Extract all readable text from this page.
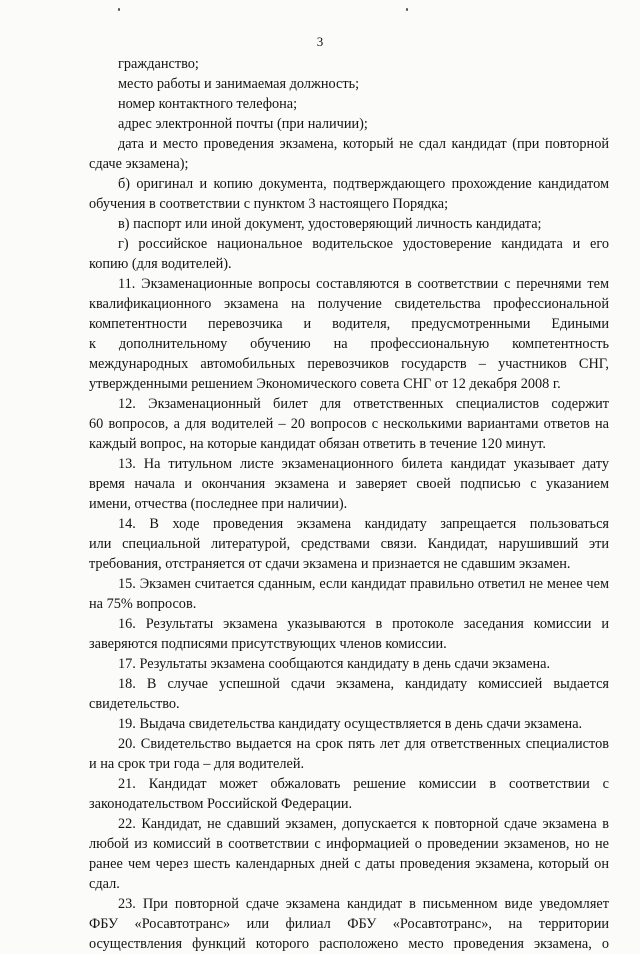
3
гражданство;
место работы и занимаемая должность;
номер контактного телефона;
адрес электронной почты (при наличии);
дата и место проведения экзамена, который не сдал кандидат (при повторной
сдаче экзамена);
б) оригинал и копию документа, подтверждающего прохождение кандидатом
обучения в соответствии с пунктом 3 настоящего Порядка;
в) паспорт или иной документ, удостоверяющий личность кандидата;
г) российское национальное водительское удостоверение кандидата и его
копию (для водителей).
11. Экзаменационные вопросы составляются в соответствии с перечнями тем
квалификационного экзамена на получение свидетельства профессиональной
компетентности перевозчика и водителя, предусмотренными Едиными
к дополнительному обучению на профессиональную компетентность
международных автомобильных перевозчиков государств – участников СНГ,
утвержденными решением Экономического совета СНГ от 12 декабря 2008 г.
12. Экзаменационный билет для ответственных специалистов содержит
60 вопросов, а для водителей – 20 вопросов с несколькими вариантами ответов на
каждый вопрос, на которые кандидат обязан ответить в течение 120 минут.
13. На титульном листе экзаменационного билета кандидат указывает дату
время начала и окончания экзамена и заверяет своей подписью с указанием
имени, отчества (последнее при наличии).
14. В ходе проведения экзамена кандидату запрещается пользоваться
или специальной литературой, средствами связи. Кандидат, нарушивший эти
требования, отстраняется от сдачи экзамена и признается не сдавшим экзамен.
15. Экзамен считается сданным, если кандидат правильно ответил не менее чем
на 75% вопросов.
16. Результаты экзамена указываются в протоколе заседания комиссии и
заверяются подписями присутствующих членов комиссии.
17. Результаты экзамена сообщаются кандидату в день сдачи экзамена.
18. В случае успешной сдачи экзамена, кандидату комиссией выдается
свидетельство.
19. Выдача свидетельства кандидату осуществляется в день сдачи экзамена.
20. Свидетельство выдается на срок пять лет для ответственных специалистов
и на срок три года – для водителей.
21. Кандидат может обжаловать решение комиссии в соответствии с
законодательством Российской Федерации.
22. Кандидат, не сдавший экзамен, допускается к повторной сдаче экзамена в
любой из комиссий в соответствии с информацией о проведении экзаменов, но не
ранее чем через шесть календарных дней с даты проведения экзамена, который он
сдал.
23. При повторной сдаче экзамена кандидат в письменном виде уведомляет
ФБУ «Росавтотранс» или филиал ФБУ «Росавтотранс», на территории
осуществления функций которого расположено место проведения экзамена, о
